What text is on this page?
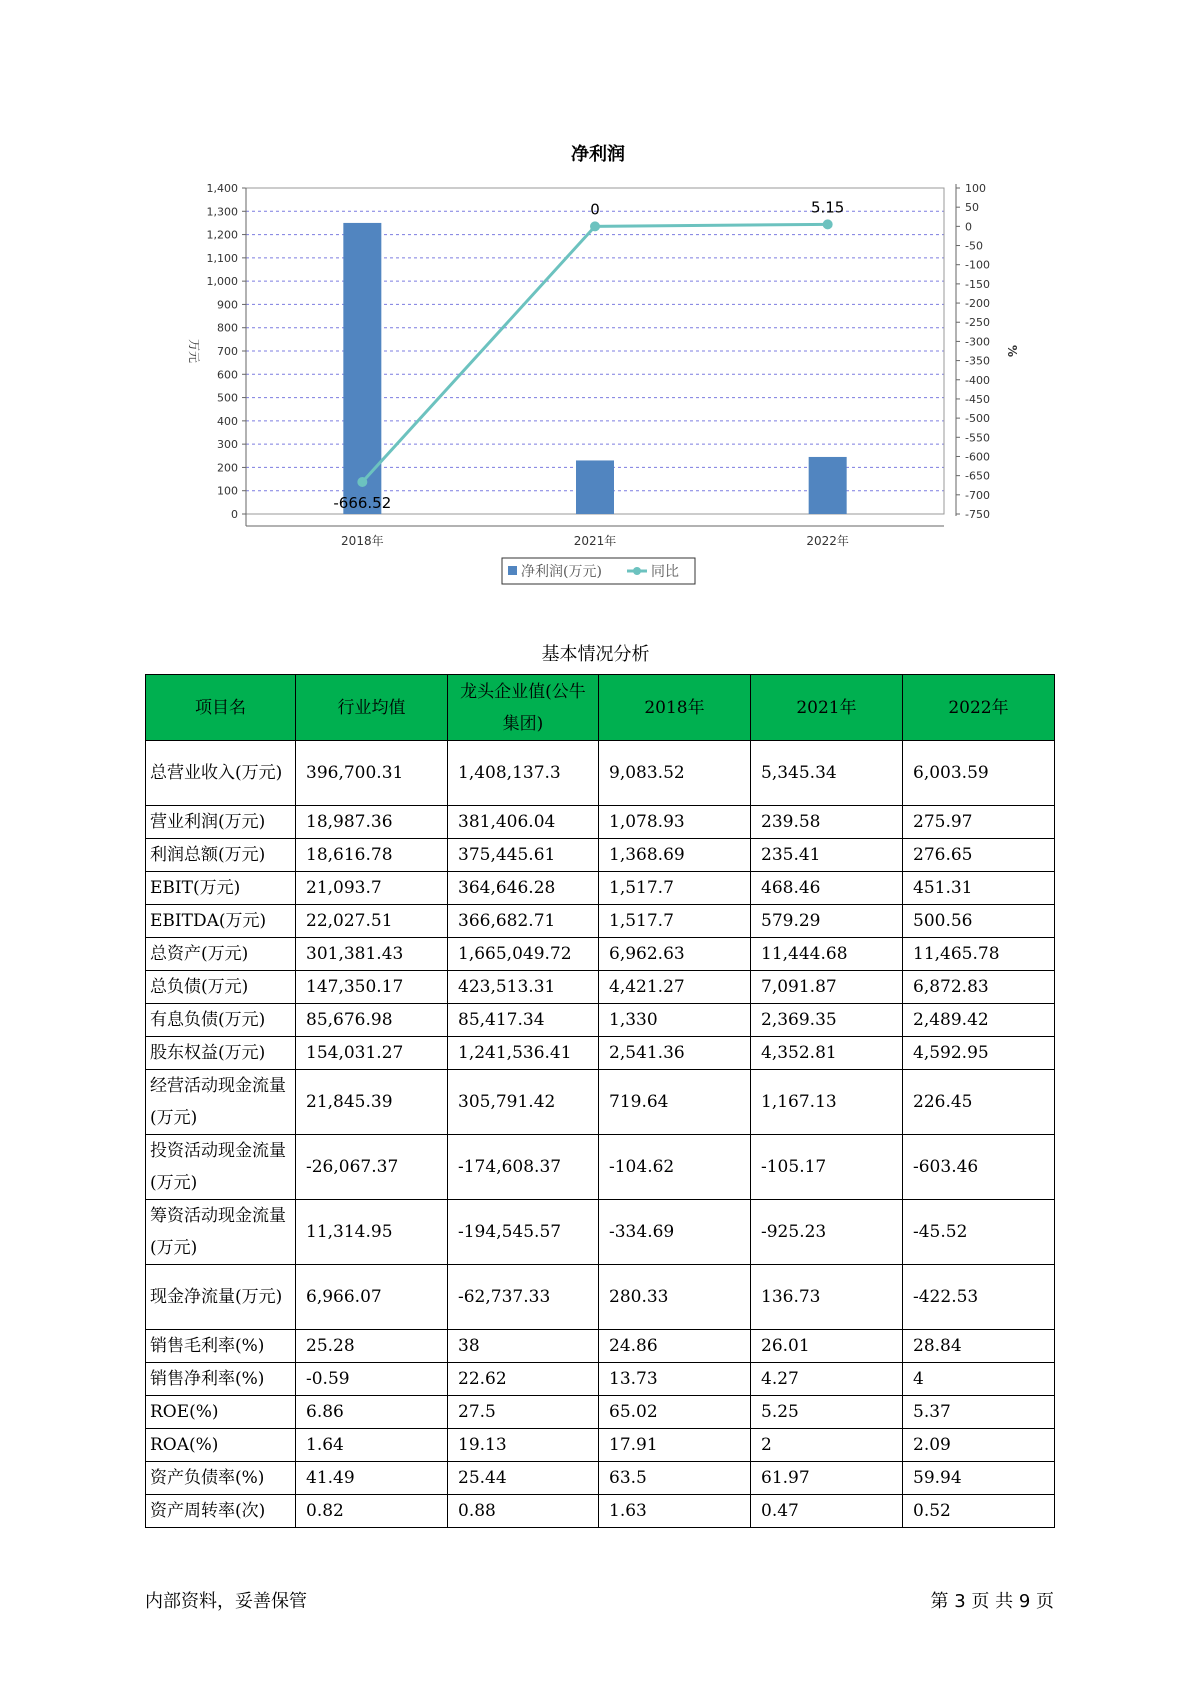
净利润
0
100
200
300
400
500
600
700
800
900
1,000
1,100
1,200
1,300
1,400	100
50
0
-50
-100
-150
-200
-250
-300
-350
-400
-450
-500
-550
-600
-650
-700
-750
万元	%
2018年	2021年	2022年
-666.52
0	5.15
净利润(万元)	同比
基本情况分析
项目名	行业均值	龙头企业值(公牛集团)	2018年	2021年	2022年
总营业收入(万元)	396,700.31	1,408,137.3	9,083.52	5,345.34	6,003.59
营业利润(万元)	18,987.36	381,406.04	1,078.93	239.58	275.97
利润总额(万元)	18,616.78	375,445.61	1,368.69	235.41	276.65
EBIT(万元)	21,093.7	364,646.28	1,517.7	468.46	451.31
EBITDA(万元)	22,027.51	366,682.71	1,517.7	579.29	500.56
总资产(万元)	301,381.43	1,665,049.72	6,962.63	11,444.68	11,465.78
总负债(万元)	147,350.17	423,513.31	4,421.27	7,091.87	6,872.83
有息负债(万元)	85,676.98	85,417.34	1,330	2,369.35	2,489.42
股东权益(万元)	154,031.27	1,241,536.41	2,541.36	4,352.81	4,592.95
经营活动现金流量(万元)	21,845.39	305,791.42	719.64	1,167.13	226.45
投资活动现金流量(万元)	-26,067.37	-174,608.37	-104.62	-105.17	-603.46
筹资活动现金流量(万元)	11,314.95	-194,545.57	-334.69	-925.23	-45.52
现金净流量(万元)	6,966.07	-62,737.33	280.33	136.73	-422.53
销售毛利率(%)	25.28	38	24.86	26.01	28.84
销售净利率(%)	-0.59	22.62	13.73	4.27	4
ROE(%)	6.86	27.5	65.02	5.25	5.37
ROA(%)	1.64	19.13	17.91	2	2.09
资产负债率(%)	41.49	25.44	63.5	61.97	59.94
资产周转率(次)	0.82	0.88	1.63	0.47	0.52
内部资料，妥善保管	第 3 页 共 9 页
